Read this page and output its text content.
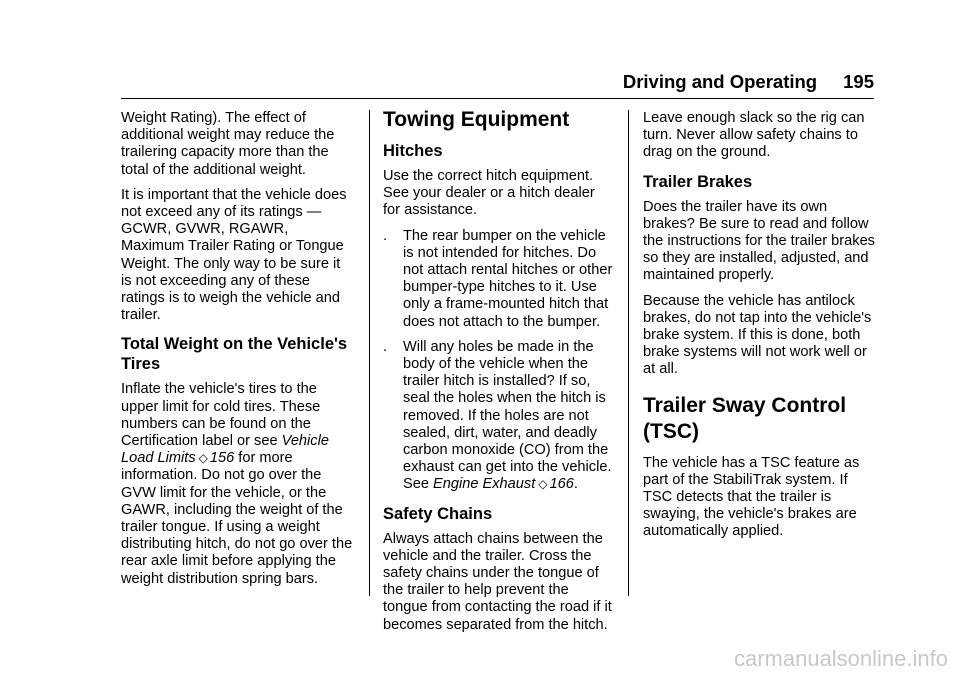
Driving and Operating 195

Weight Rating). The effect of additional weight may reduce the trailering capacity more than the total of the additional weight.

It is important that the vehicle does not exceed any of its ratings — GCWR, GVWR, RGAWR, Maximum Trailer Rating or Tongue Weight. The only way to be sure it is not exceeding any of these ratings is to weigh the vehicle and trailer.

Total Weight on the Vehicle's Tires

Inflate the vehicle's tires to the upper limit for cold tires. These numbers can be found on the Certification label or see Vehicle Load Limits ◇ 156 for more information. Do not go over the GVW limit for the vehicle, or the GAWR, including the weight of the trailer tongue. If using a weight distributing hitch, do not go over the rear axle limit before applying the weight distribution spring bars.

Towing Equipment
Hitches

Use the correct hitch equipment. See your dealer or a hitch dealer for assistance.

.	The rear bumper on the vehicle is not intended for hitches. Do not attach rental hitches or other bumper-type hitches to it. Use only a frame-mounted hitch that does not attach to the bumper.
.	Will any holes be made in the body of the vehicle when the trailer hitch is installed? If so, seal the holes when the hitch is removed. If the holes are not sealed, dirt, water, and deadly carbon monoxide (CO) from the exhaust can get into the vehicle. See Engine Exhaust ◇ 166.
Safety Chains

Always attach chains between the vehicle and the trailer. Cross the safety chains under the tongue of the trailer to help prevent the tongue from contacting the road if it becomes separated from the hitch.

Leave enough slack so the rig can turn. Never allow safety chains to drag on the ground.

Trailer Brakes

Does the trailer have its own brakes? Be sure to read and follow the instructions for the trailer brakes so they are installed, adjusted, and maintained properly.

Because the vehicle has antilock brakes, do not tap into the vehicle's brake system. If this is done, both brake systems will not work well or at all.

Trailer Sway Control (TSC)

The vehicle has a TSC feature as part of the StabiliTrak system. If TSC detects that the trailer is swaying, the vehicle's brakes are automatically applied.

carmanualsonline.info
